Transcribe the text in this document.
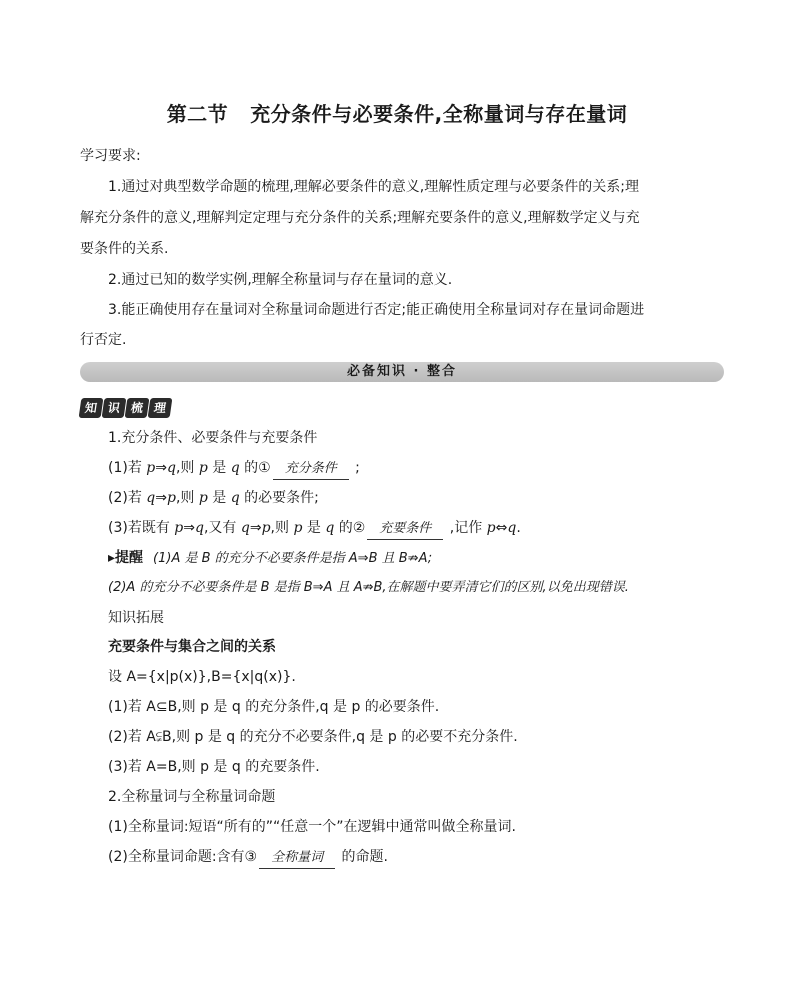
第二节 充分条件与必要条件,全称量词与存在量词
学习要求:
1.通过对典型数学命题的梳理,理解必要条件的意义,理解性质定理与必要条件的关系;理
解充分条件的意义,理解判定定理与充分条件的关系;理解充要条件的意义,理解数学定义与充
要条件的关系.
2.通过已知的数学实例,理解全称量词与存在量词的意义.
3.能正确使用存在量词对全称量词命题进行否定;能正确使用全称量词对存在量词命题进
行否定.
必备知识 · 整合
知 识 梳 理
1.充分条件、必要条件与充要条件
(1)若 p⇒q,则 p 是 q 的① 充分条件 ;
(2)若 q⇒p,则 p 是 q 的必要条件;
(3)若既有 p⇒q,又有 q⇒p,则 p 是 q 的② 充要条件 ,记作 p⇔q.
▸提醒 (1)A 是 B 的充分不必要条件是指 A⇒B 且 B⇏A;
(2)A 的充分不必要条件是 B 是指 B⇒A 且 A⇏B,在解题中要弄清它们的区别,以免出现错误.
知识拓展
充要条件与集合之间的关系
设 A={x|p(x)},B={x|q(x)}.
(1)若 A⊆B,则 p 是 q 的充分条件,q 是 p 的必要条件.
(2)若 A⫋B,则 p 是 q 的充分不必要条件,q 是 p 的必要不充分条件.
(3)若 A=B,则 p 是 q 的充要条件.
2.全称量词与全称量词命题
(1)全称量词:短语“所有的”“任意一个”在逻辑中通常叫做全称量词.
(2)全称量词命题:含有③ 全称量词 的命题.
